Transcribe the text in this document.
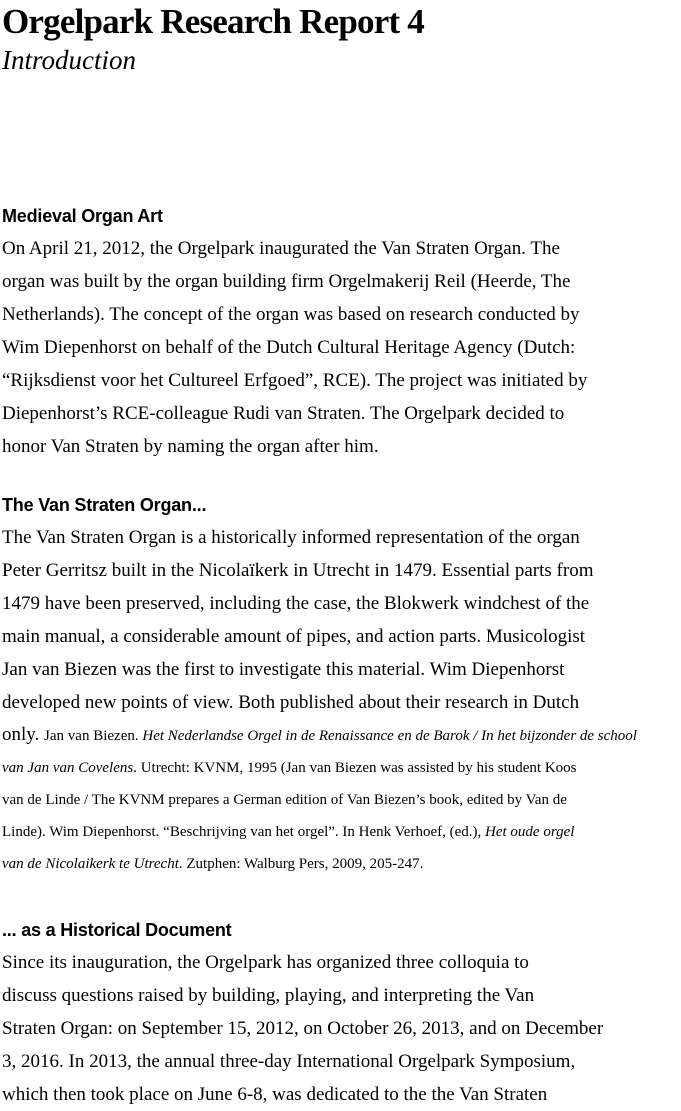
Orgelpark Research Report 4
Introduction
Medieval Organ Art
On April 21, 2012, the Orgelpark inaugurated the Van Straten Organ. The
organ was built by the organ building firm Orgelmakerij Reil (Heerde, The
Netherlands). The concept of the organ was based on research conducted by
Wim Diepenhorst on behalf of the Dutch Cultural Heritage Agency (Dutch:
“Rijksdienst voor het Cultureel Erfgoed”, RCE). The project was initiated by
Diepenhorst’s RCE-colleague Rudi van Straten. The Orgelpark decided to
honor Van Straten by naming the organ after him.
The Van Straten Organ...
The Van Straten Organ is a historically informed representation of the organ
Peter Gerritsz built in the Nicolaïkerk in Utrecht in 1479. Essential parts from
1479 have been preserved, including the case, the Blokwerk windchest of the
main manual, a considerable amount of pipes, and action parts. Musicologist
Jan van Biezen was the first to investigate this material. Wim Diepenhorst
developed new points of view. Both published about their research in Dutch
only. Jan van Biezen. Het Nederlandse Orgel in de Renaissance en de Barok / In het bijzonder de school
van Jan van Covelens. Utrecht: KVNM, 1995 (Jan van Biezen was assisted by his student Koos
van de Linde / The KVNM prepares a German edition of Van Biezen’s book, edited by Van de
Linde). Wim Diepenhorst. “Beschrijving van het orgel”. In Henk Verhoef, (ed.), Het oude orgel
van de Nicolaikerk te Utrecht. Zutphen: Walburg Pers, 2009, 205-247.
... as a Historical Document
Since its inauguration, the Orgelpark has organized three colloquia to
discuss questions raised by building, playing, and interpreting the Van
Straten Organ: on September 15, 2012, on October 26, 2013, and on December
3, 2016. In 2013, the annual three-day International Orgelpark Symposium,
which then took place on June 6-8, was dedicated to the the Van Straten
